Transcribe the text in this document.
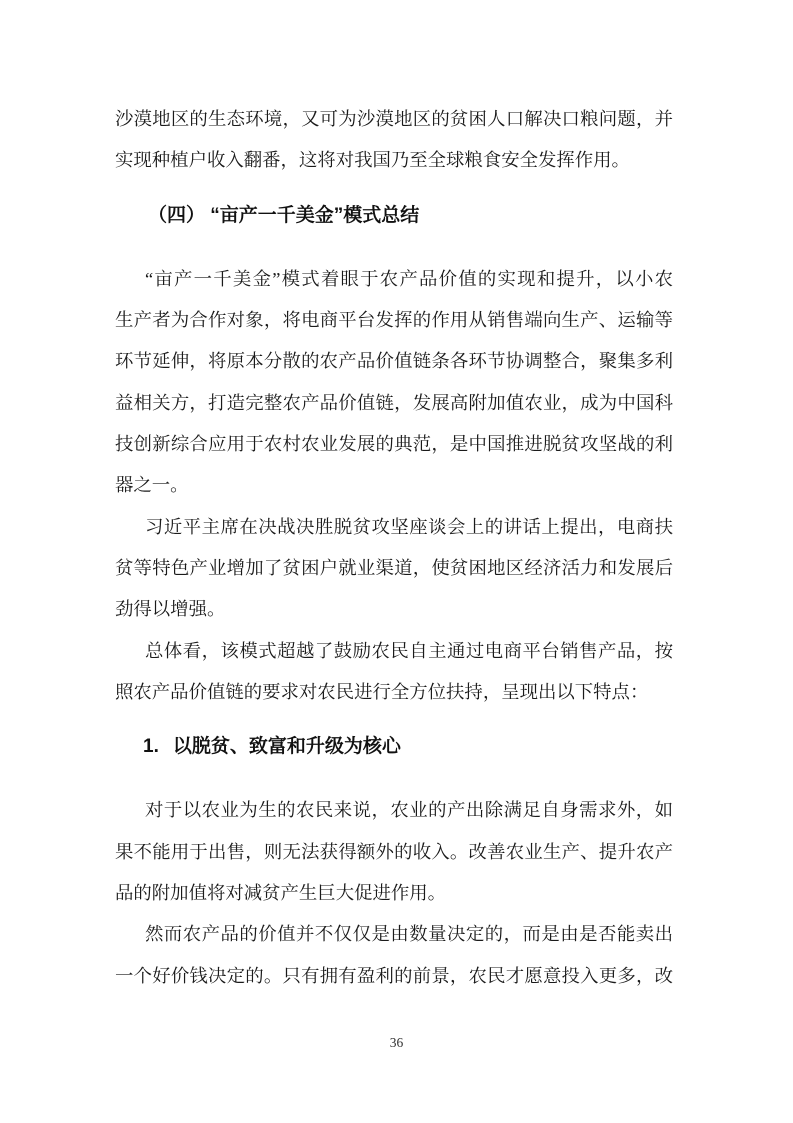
沙漠地区的生态环境，又可为沙漠地区的贫困人口解决口粮问题，并
实现种植户收入翻番，这将对我国乃至全球粮食安全发挥作用。
（四） “亩产一千美金”模式总结
“亩产一千美金”模式着眼于农产品价值的实现和提升，以小农
生产者为合作对象，将电商平台发挥的作用从销售端向生产、运输等
环节延伸，将原本分散的农产品价值链条各环节协调整合，聚集多利
益相关方，打造完整农产品价值链，发展高附加值农业，成为中国科
技创新综合应用于农村农业发展的典范，是中国推进脱贫攻坚战的利
器之一。
习近平主席在决战决胜脱贫攻坚座谈会上的讲话上提出，电商扶
贫等特色产业增加了贫困户就业渠道，使贫困地区经济活力和发展后
劲得以增强。
总体看，该模式超越了鼓励农民自主通过电商平台销售产品，按
照农产品价值链的要求对农民进行全方位扶持，呈现出以下特点：
1. 以脱贫、致富和升级为核心
对于以农业为生的农民来说，农业的产出除满足自身需求外，如
果不能用于出售，则无法获得额外的收入。改善农业生产、提升农产
品的附加值将对减贫产生巨大促进作用。
然而农产品的价值并不仅仅是由数量决定的，而是由是否能卖出
一个好价钱决定的。只有拥有盈利的前景，农民才愿意投入更多，改
36
